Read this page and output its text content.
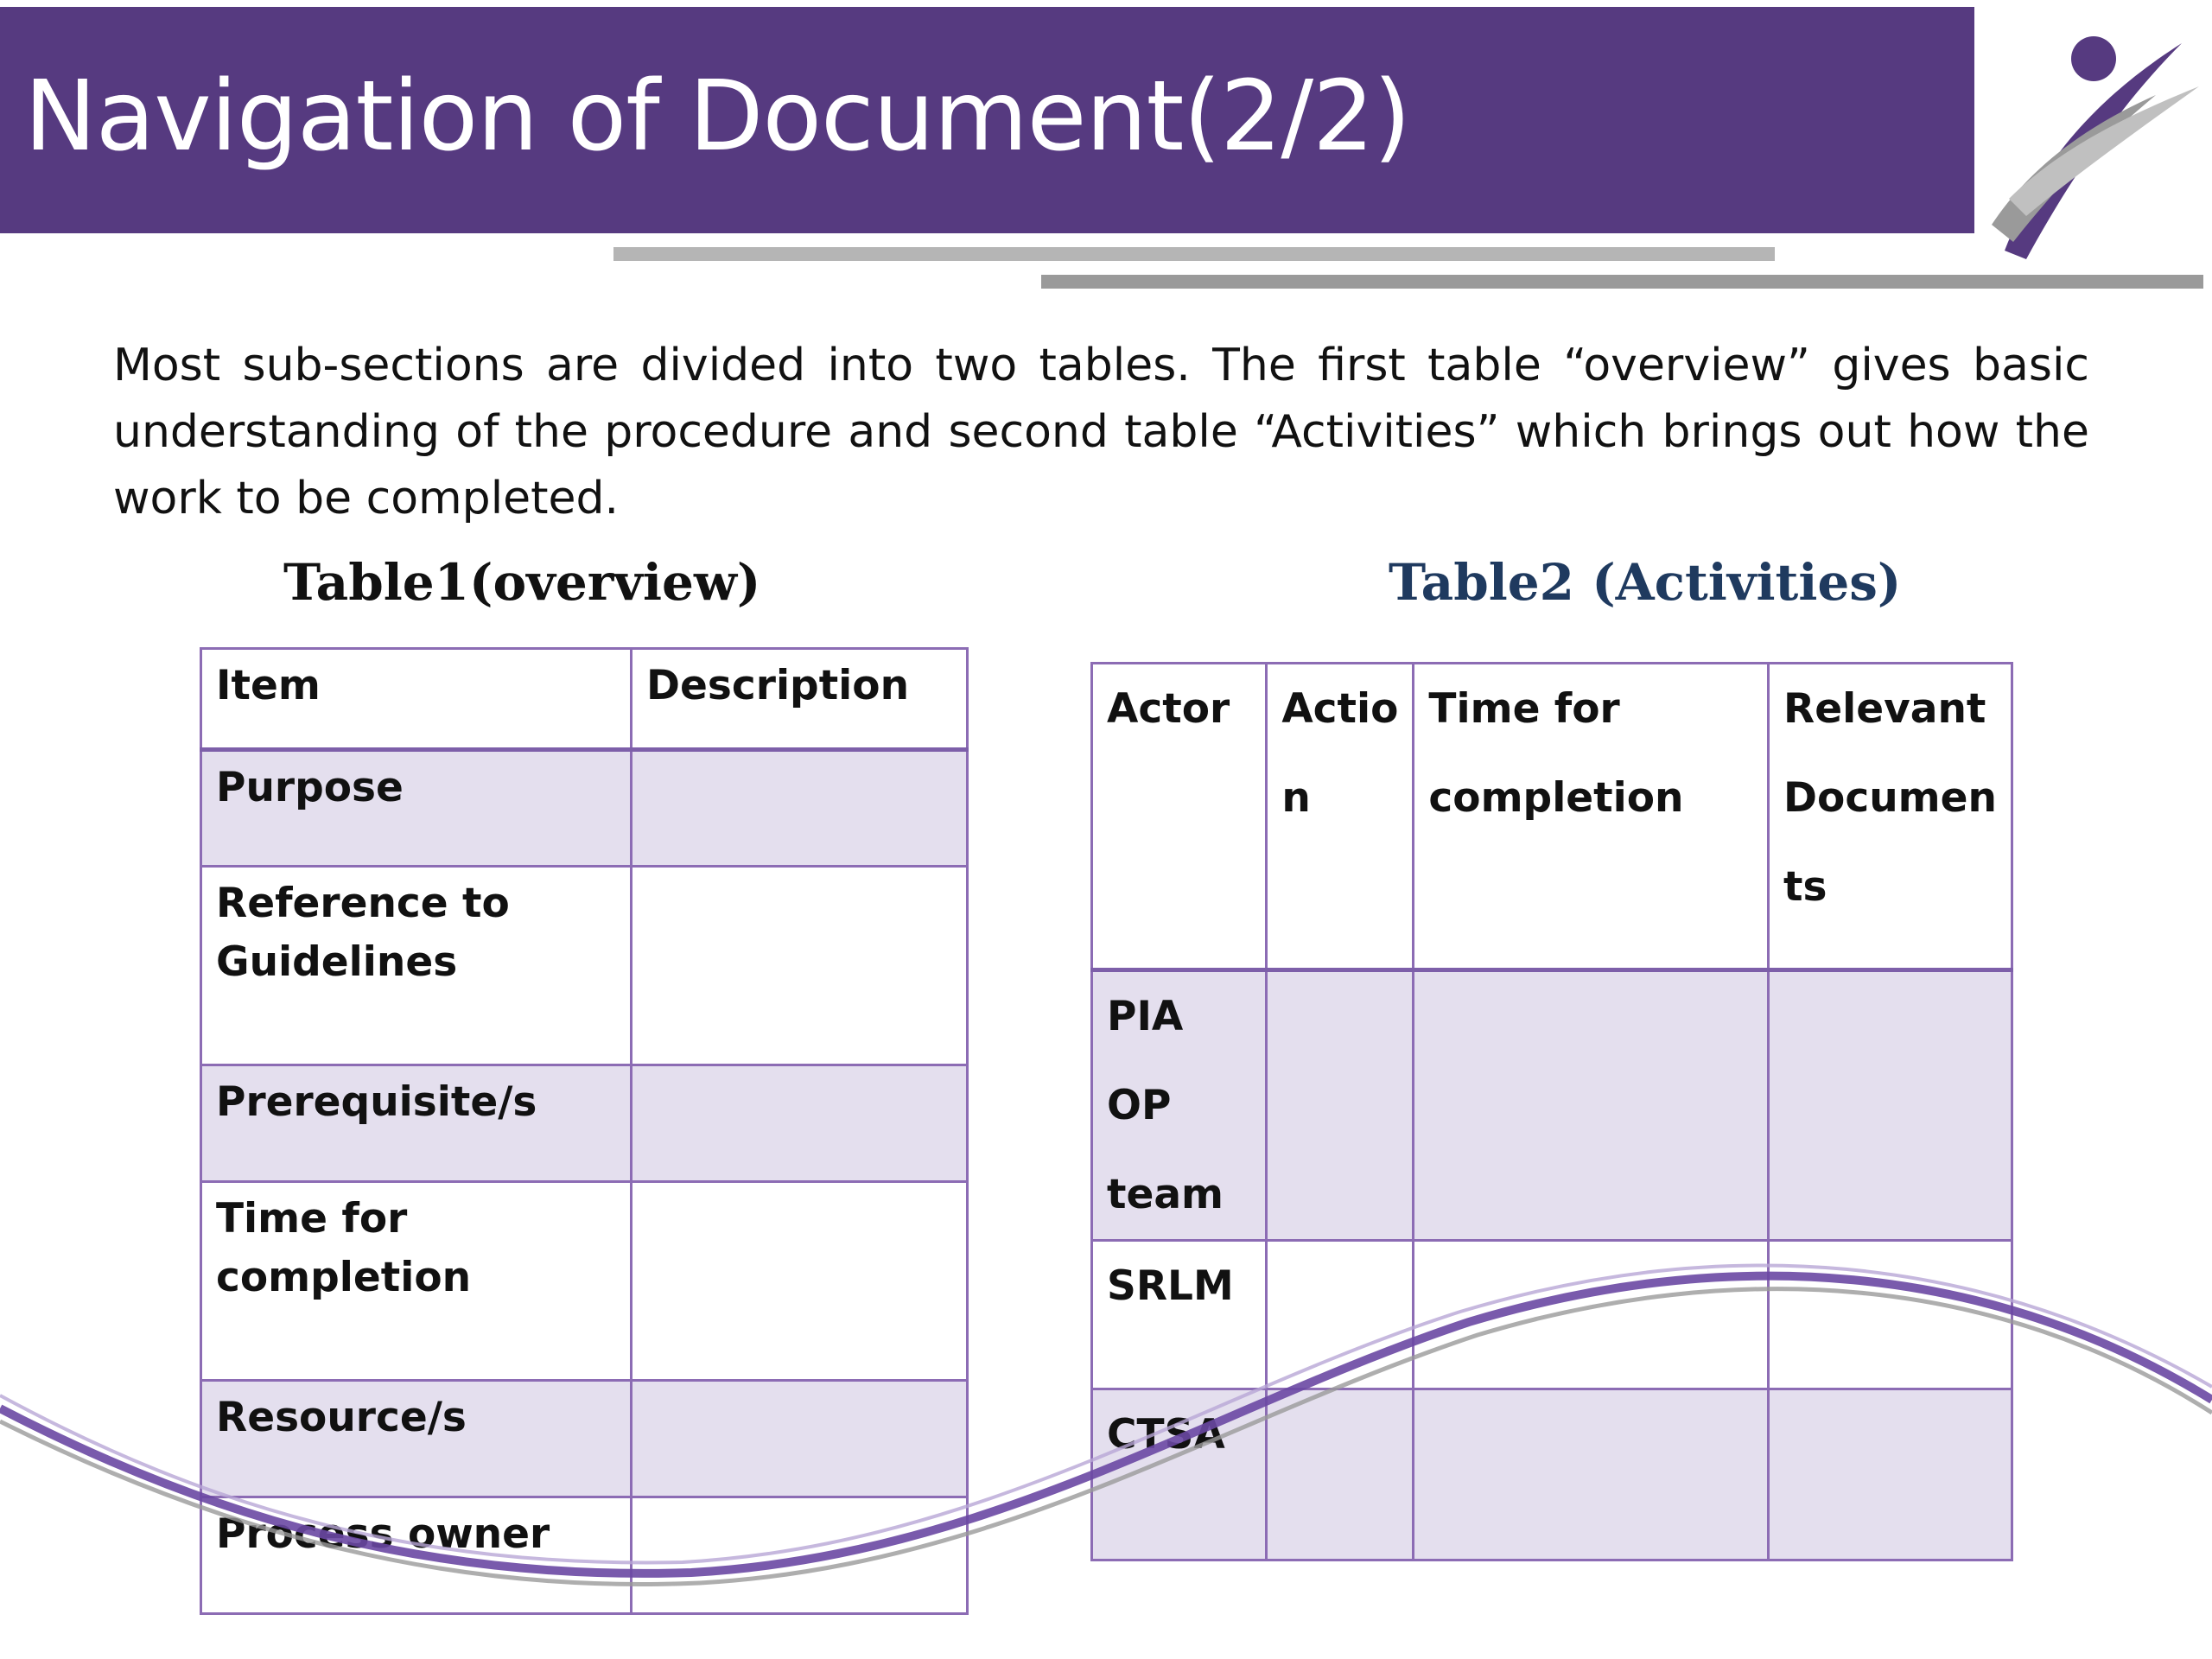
Navigation of Document(2/2)
Most sub-sections are divided into two tables. The first table “overview” gives basic understanding of the procedure and second table “Activities” which brings out how the work to be completed.
Table1(overview)	Table2 (Activities)
Item	Description
Purpose	
Reference to Guidelines	
Prerequisite/s	
Time for completion	
Resource/s	
Process owner	
Actor	Actio n	Time for completion	Relevant Documen ts
PIA OP team			
SRLM			
CTSA			
